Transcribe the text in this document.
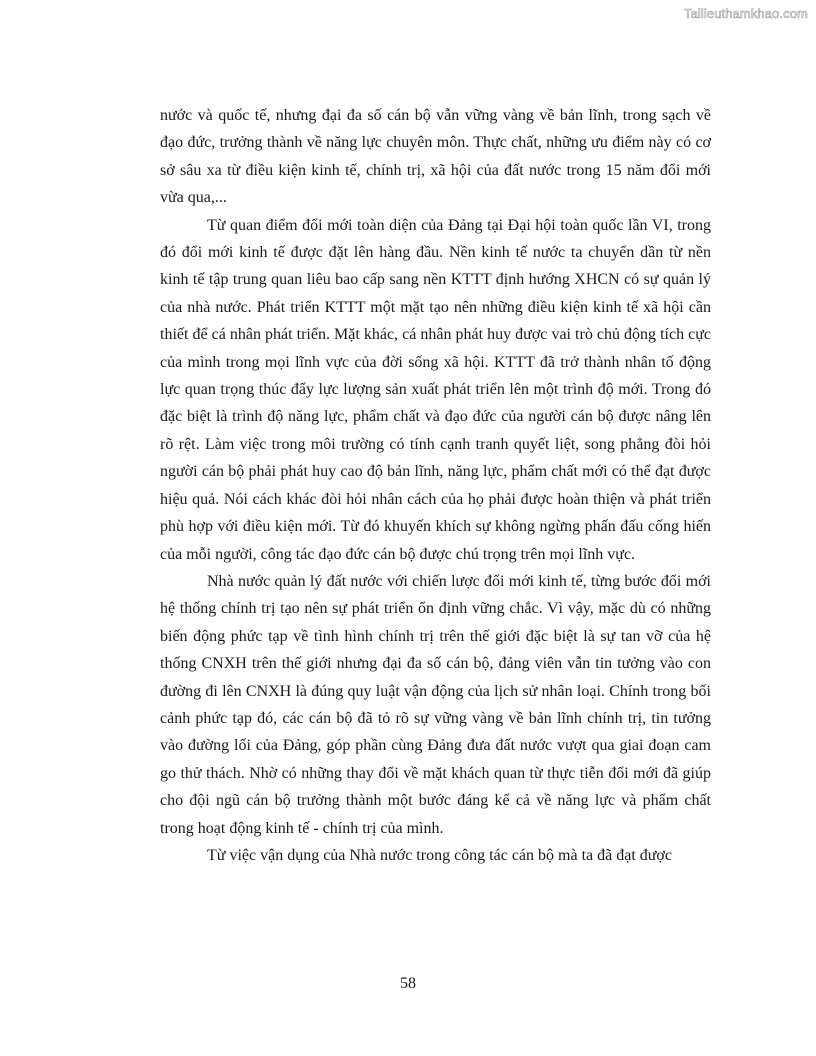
Tailieuthamkhao.com

nước và quốc tế, nhưng đại đa số cán bộ vẫn vững vàng về bản lĩnh, trong sạch về đạo đức, trưởng thành về năng lực chuyên môn. Thực chất, những ưu điểm này có cơ sở sâu xa từ điều kiện kinh tế, chính trị, xã hội của đất nước trong 15 năm đổi mới vừa qua,...

Từ quan điểm đổi mới toàn diện của Đảng tại Đại hội toàn quốc lần VI, trong đó đổi mới kinh tế được đặt lên hàng đầu. Nền kinh tế nước ta chuyển dần từ nền kinh tế tập trung quan liêu bao cấp sang nền KTTT định hướng XHCN có sự quản lý của nhà nước. Phát triển KTTT một mặt tạo nên những điều kiện kinh tế xã hội cần thiết để cá nhân phát triển. Mặt khác, cá nhân phát huy được vai trò chủ động tích cực của mình trong mọi lĩnh vực của đời sống xã hội. KTTT đã trở thành nhân tố động lực quan trọng thúc đẩy lực lượng sản xuất phát triển lên một trình độ mới. Trong đó đặc biệt là trình độ năng lực, phẩm chất và đạo đức của người cán bộ được nâng lên rõ rệt. Làm việc trong môi trường có tính cạnh tranh quyết liệt, song phẳng đòi hỏi người cán bộ phải phát huy cao độ bản lĩnh, năng lực, phẩm chất mới có thể đạt được hiệu quả. Nói cách khác đòi hỏi nhân cách của họ phải được hoàn thiện và phát triển phù hợp với điều kiện mới. Từ đó khuyến khích sự không ngừng phấn đấu cống hiến của mỗi người, công tác đạo đức cán bộ được chú trọng trên mọi lĩnh vực.

Nhà nước quản lý đất nước với chiến lược đổi mới kinh tế, từng bước đổi mới hệ thống chính trị tạo nên sự phát triển ổn định vững chắc. Vì vậy, mặc dù có những biến động phức tạp về tình hình chính trị trên thế giới đặc biệt là sự tan vỡ của hệ thống CNXH trên thế giới nhưng đại đa số cán bộ, đảng viên vẫn tin tưởng vào con đường đi lên CNXH là đúng quy luật vận động của lịch sử nhân loại. Chính trong bối cảnh phức tạp đó, các cán bộ đã tỏ rõ sự vững vàng về bản lĩnh chính trị, tin tưởng vào đường lối của Đảng, góp phần cùng Đảng đưa đất nước vượt qua giai đoạn cam go thử thách. Nhờ có những thay đổi về mặt khách quan từ thực tiễn đổi mới đã giúp cho đội ngũ cán bộ trưởng thành một bước đáng kể cả về năng lực và phẩm chất trong hoạt động kinh tế - chính trị của mình.

Từ việc vận dụng của Nhà nước trong công tác cán bộ mà ta đã đạt được

58
